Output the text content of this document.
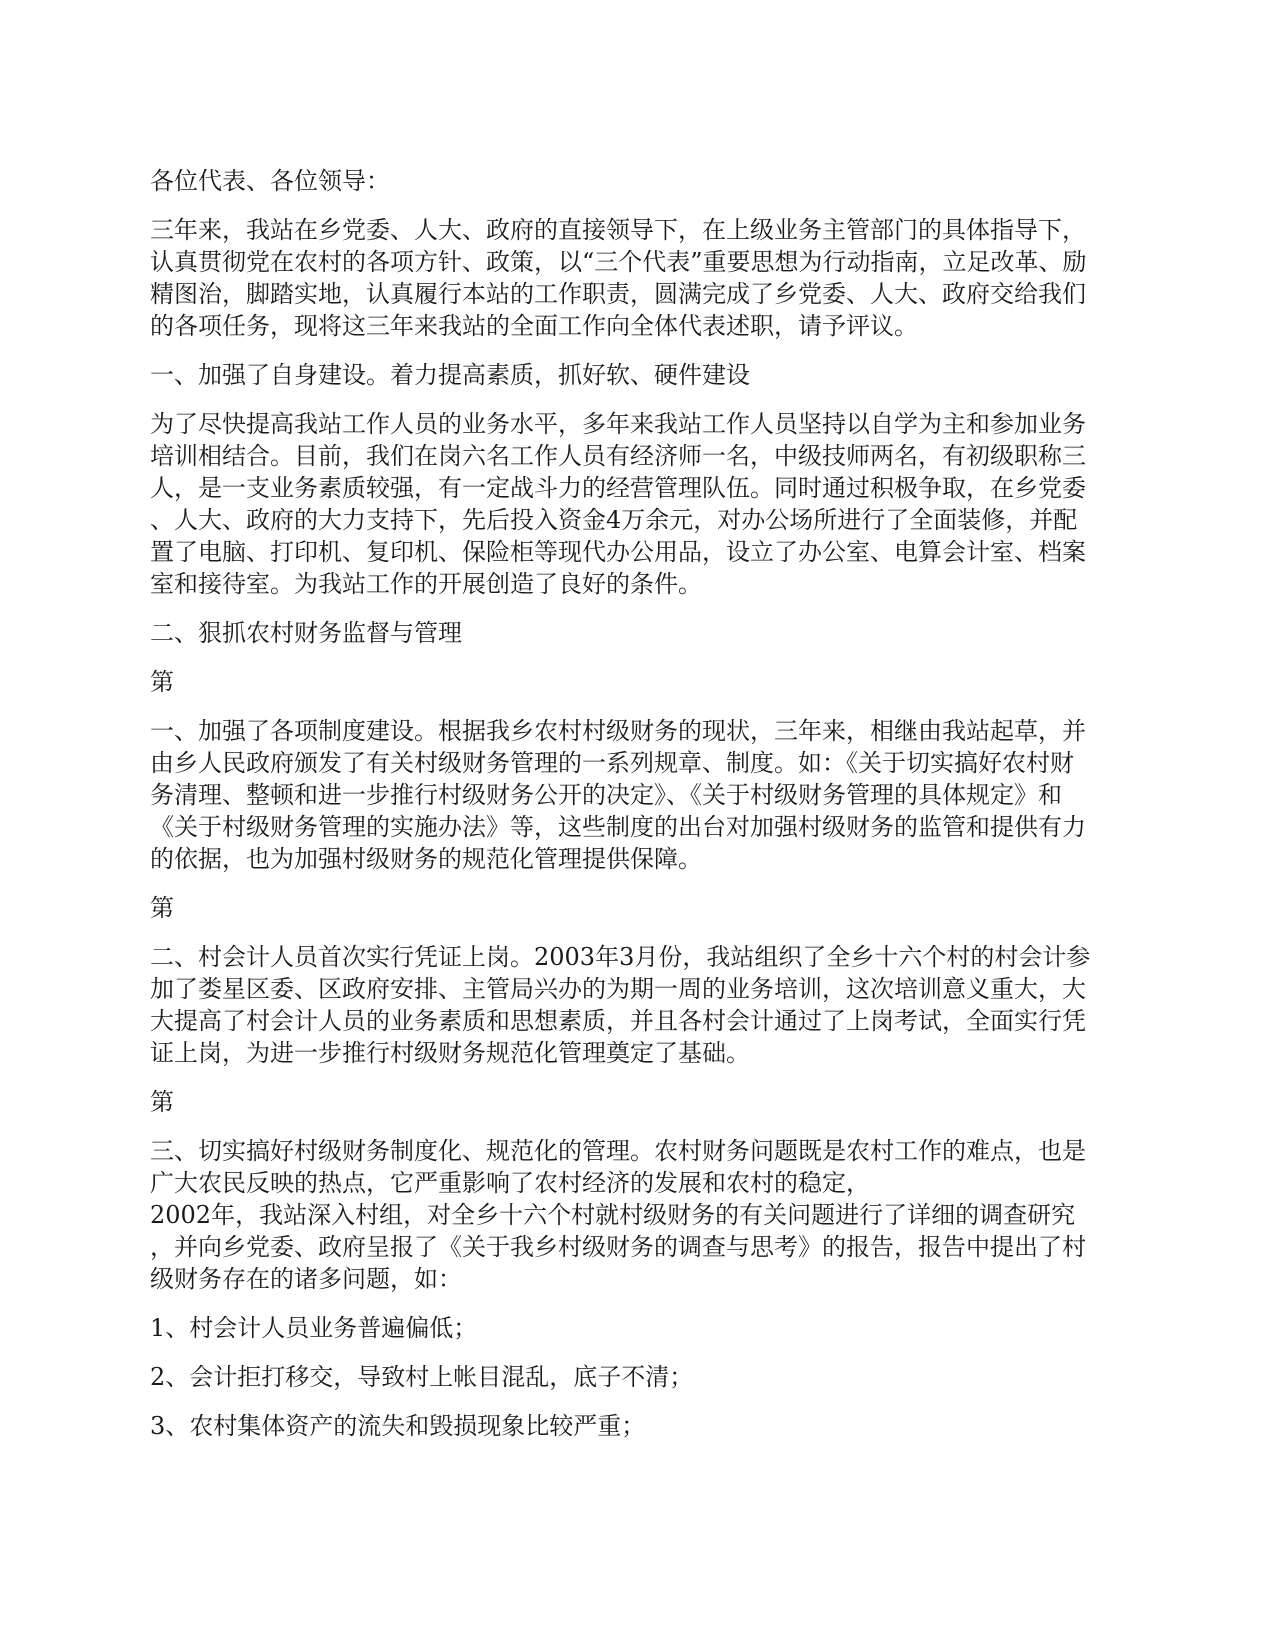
各位代表、各位领导：

三年来，我站在乡党委、人大、政府的直接领导下，在上级业务主管部门的具体指导下，
认真贯彻党在农村的各项方针、政策，以“三个代表”重要思想为行动指南，立足改革、励
精图治，脚踏实地，认真履行本站的工作职责，圆满完成了乡党委、人大、政府交给我们
的各项任务，现将这三年来我站的全面工作向全体代表述职，请予评议。

一、加强了自身建设。着力提高素质，抓好软、硬件建设

为了尽快提高我站工作人员的业务水平，多年来我站工作人员坚持以自学为主和参加业务
培训相结合。目前，我们在岗六名工作人员有经济师一名，中级技师两名，有初级职称三
人，是一支业务素质较强，有一定战斗力的经营管理队伍。同时通过积极争取，在乡党委
、人大、政府的大力支持下，先后投入资金4万余元，对办公场所进行了全面装修，并配
置了电脑、打印机、复印机、保险柜等现代办公用品，设立了办公室、电算会计室、档案
室和接待室。为我站工作的开展创造了良好的条件。

二、狠抓农村财务监督与管理

第

一、加强了各项制度建设。根据我乡农村村级财务的现状，三年来，相继由我站起草，并
由乡人民政府颁发了有关村级财务管理的一系列规章、制度。如：《关于切实搞好农村财
务清理、整顿和进一步推行村级财务公开的决定》、《关于村级财务管理的具体规定》和
《关于村级财务管理的实施办法》等，这些制度的出台对加强村级财务的监管和提供有力
的依据，也为加强村级财务的规范化管理提供保障。

第

二、村会计人员首次实行凭证上岗。2003年3月份，我站组织了全乡十六个村的村会计参
加了娄星区委、区政府安排、主管局兴办的为期一周的业务培训，这次培训意义重大，大
大提高了村会计人员的业务素质和思想素质，并且各村会计通过了上岗考试，全面实行凭
证上岗，为进一步推行村级财务规范化管理奠定了基础。

第

三、切实搞好村级财务制度化、规范化的管理。农村财务问题既是农村工作的难点，也是
广大农民反映的热点，它严重影响了农村经济的发展和农村的稳定，
2002年，我站深入村组，对全乡十六个村就村级财务的有关问题进行了详细的调查研究
，并向乡党委、政府呈报了《关于我乡村级财务的调查与思考》的报告，报告中提出了村
级财务存在的诸多问题，如：

1、村会计人员业务普遍偏低；

2、会计拒打移交，导致村上帐目混乱，底子不清；

3、农村集体资产的流失和毁损现象比较严重；
